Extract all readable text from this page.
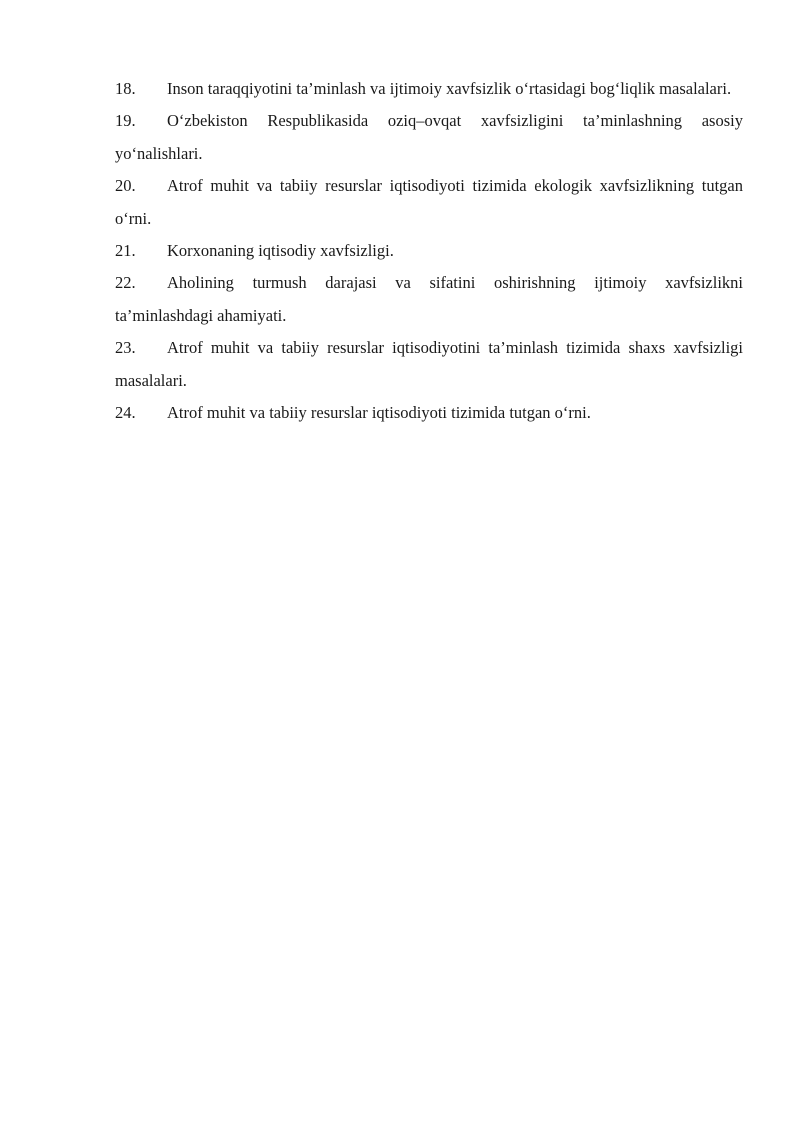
18. Inson taraqqiyotini ta’minlash va ijtimoiy xavfsizlik o‘rtasidagi bog‘liqlik masalalari.
19. O‘zbekiston Respublikasida oziq–ovqat xavfsizligini ta’minlashning asosiy yo‘nalishlari.
20. Atrof muhit va tabiiy resurslar iqtisodiyoti tizimida ekologik xavfsizlikning tutgan o‘rni.
21. Korxonaning iqtisodiy xavfsizligi.
22. Aholining turmush darajasi va sifatini oshirishning ijtimoiy xavfsizlikni ta’minlashdagi ahamiyati.
23. Atrof muhit va tabiiy resurslar iqtisodiyotini ta’minlash tizimida shaxs xavfsizligi masalalari.
24. Atrof muhit va tabiiy resurslar iqtisodiyoti tizimida tutgan o‘rni.
